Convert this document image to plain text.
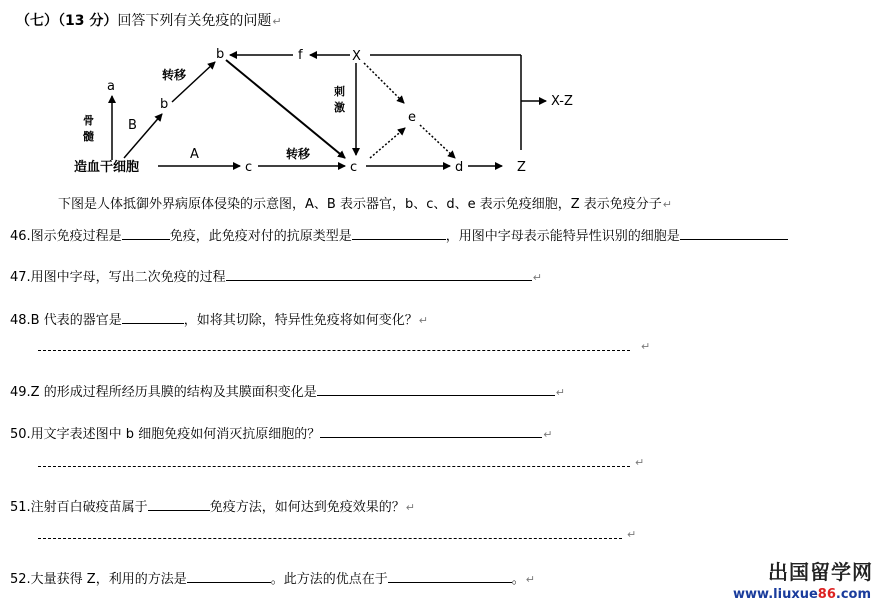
（七）（13 分）回答下列有关免疫的问题↵
造血干细胞
a
骨
髓
B
b
转移
b	f	X
刺
激
e
A
c
转移
c	d	Z
X-Z
下图是人体抵御外界病原体侵染的示意图，A、B 表示器官，b、c、d、e 表示免疫细胞，Z 表示免疫分子↵
46.图示免疫过程是	免疫，此免疫对付的抗原类型是	，用图中字母表示能特异性识别的细胞是
47.用图中字母，写出二次免疫的过程	↵
48.B 代表的器官是	，如将其切除，特异性免疫将如何变化？↵
↵
49.Z 的形成过程所经历具膜的结构及其膜面积变化是	↵
50.用文字表述图中 b 细胞免疫如何消灭抗原细胞的？	↵
↵
51.注射百白破疫苗属于	免疫方法，如何达到免疫效果的？↵
↵
52.大量获得 Z，利用的方法是	。此方法的优点在于	。↵	出国留学网
www.liuxue86.com
